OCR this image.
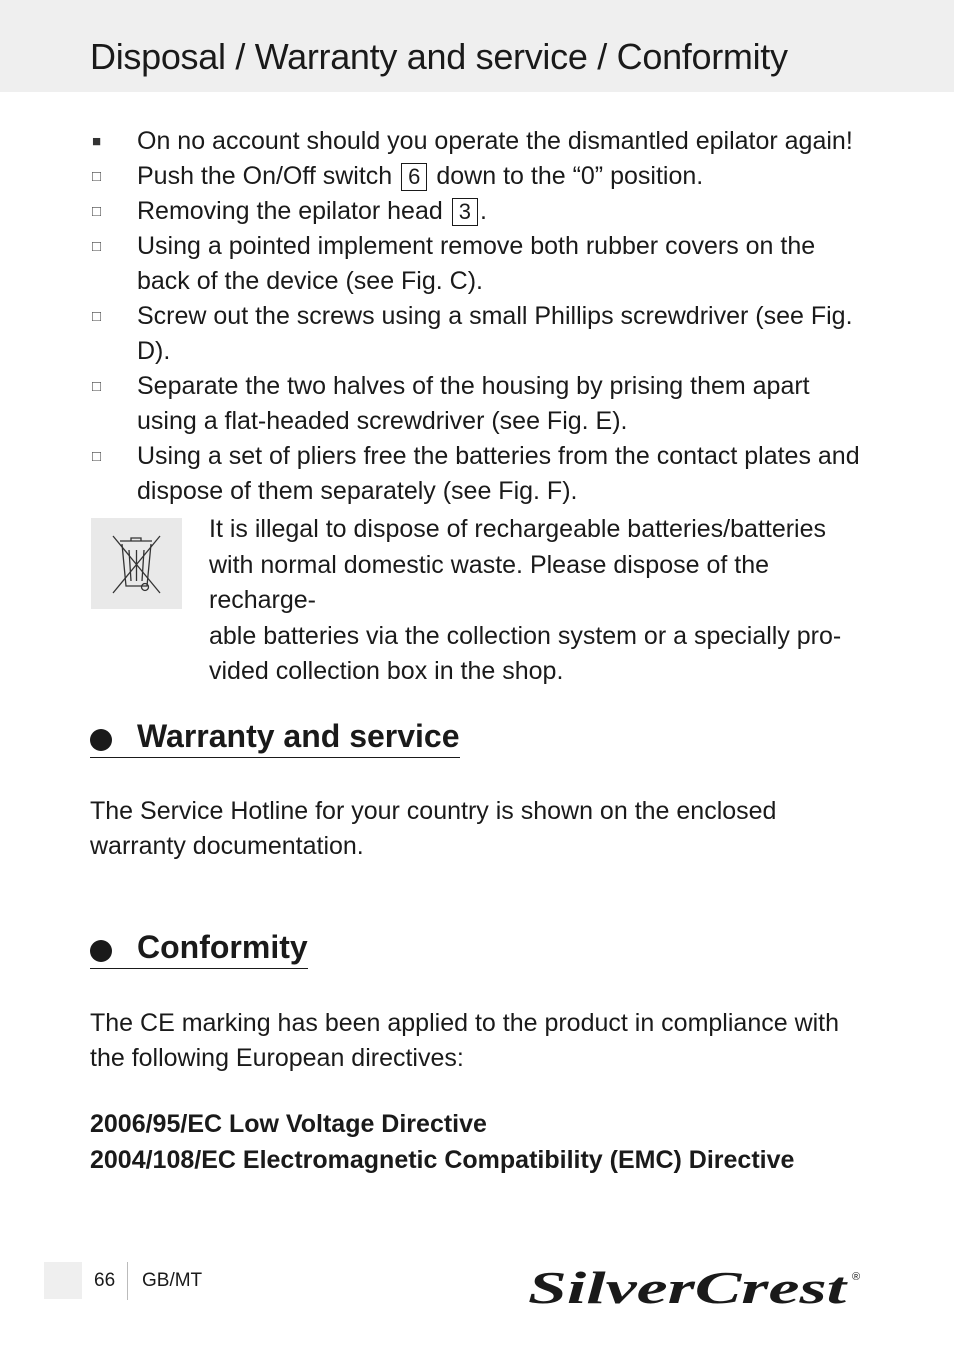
Disposal / Warranty and service / Conformity
■ On no account should you operate the dismantled epilator again!
□ Push the On/Off switch 6 down to the “0” position.
□ Removing the epilator head 3 .
□ Using a pointed implement remove both rubber covers on the back of the device (see Fig. C).
□ Screw out the screws using a small Phillips screwdriver (see Fig. D).
□ Separate the two halves of the housing by prising them apart using a flat-headed screwdriver (see Fig. E).
□ Using a set of pliers free the batteries from the contact plates and dispose of them separately (see Fig. F).
It is illegal to dispose of rechargeable batteries/batteries
with normal domestic waste. Please dispose of the recharge-
able batteries via the collection system or a specially pro-
vided collection box in the shop.
Warranty and service

The Service Hotline for your country is shown on the enclosed warranty documentation.

Conformity

The CE marking has been applied to the product in compliance with the following European directives:

2006/95/EC Low Voltage Directive

2004/108/EC Electromagnetic Compatibility (EMC) Directive

66 GB/MT	SilverCrest ®
